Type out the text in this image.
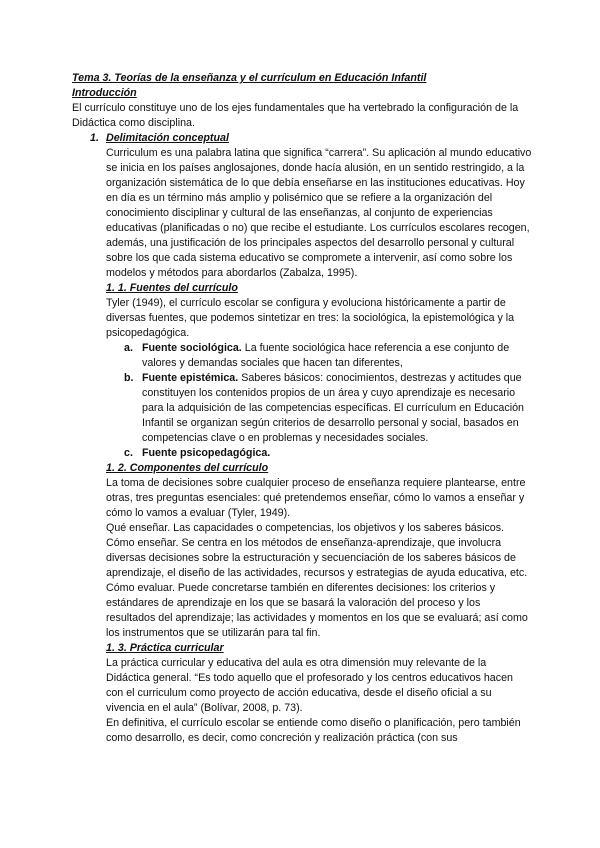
Tema 3. Teorías de la enseñanza y el currículum en Educación Infantil

Introducción

El currículo constituye uno de los ejes fundamentales que ha vertebrado la configuración de la Didáctica como disciplina.

1. Delimitación conceptual

Curriculum es una palabra latina que significa “carrera”. Su aplicación al mundo educativo se inicia en los países anglosajones, donde hacía alusión, en un sentido restringido, a la organización sistemática de lo que debía enseñarse en las instituciones educativas. Hoy en día es un término más amplio y polisémico que se refiere a la organización del conocimiento disciplinar y cultural de las enseñanzas, al conjunto de experiencias educativas (planificadas o no) que recibe el estudiante. Los currículos escolares recogen, además, una justificación de los principales aspectos del desarrollo personal y cultural sobre los que cada sistema educativo se compromete a intervenir, así como sobre los modelos y métodos para abordarlos (Zabalza, 1995).

1. 1. Fuentes del currículo

Tyler (1949), el currículo escolar se configura y evoluciona históricamente a partir de diversas fuentes, que podemos sintetizar en tres: la sociológica, la epistemológica y la psicopedagógica.

a. Fuente sociológica. La fuente sociológica hace referencia a ese conjunto de valores y demandas sociales que hacen tan diferentes,
b. Fuente epistémica. Saberes básicos: conocimientos, destrezas y actitudes que constituyen los contenidos propios de un área y cuyo aprendizaje es necesario para la adquisición de las competencias específicas. El currículum en Educación Infantil se organizan según criterios de desarrollo personal y social, basados en competencias clave o en problemas y necesidades sociales.
c. Fuente psicopedagógica.

1. 2. Componentes del currículo

La toma de decisiones sobre cualquier proceso de enseñanza requiere plantearse, entre otras, tres preguntas esenciales: qué pretendemos enseñar, cómo lo vamos a enseñar y cómo lo vamos a evaluar (Tyler, 1949).

Qué enseñar. Las capacidades o competencias, los objetivos y los saberes básicos.

Cómo enseñar. Se centra en los métodos de enseñanza-aprendizaje, que involucra diversas decisiones sobre la estructuración y secuenciación de los saberes básicos de aprendizaje, el diseño de las actividades, recursos y estrategias de ayuda educativa, etc.

Cómo evaluar. Puede concretarse también en diferentes decisiones: los criterios y estándares de aprendizaje en los que se basará la valoración del proceso y los resultados del aprendizaje; las actividades y momentos en los que se evaluará; así como los instrumentos que se utilizarán para tal fin.

1. 3. Práctica curricular

La práctica curricular y educativa del aula es otra dimensión muy relevante de la Didáctica general. “Es todo aquello que el profesorado y los centros educativos hacen con el curriculum como proyecto de acción educativa, desde el diseño oficial a su vivencia en el aula” (Bolívar, 2008, p. 73).

En definitiva, el currículo escolar se entiende como diseño o planificación, pero también como desarrollo, es decir, como concreción y realización práctica (con sus
